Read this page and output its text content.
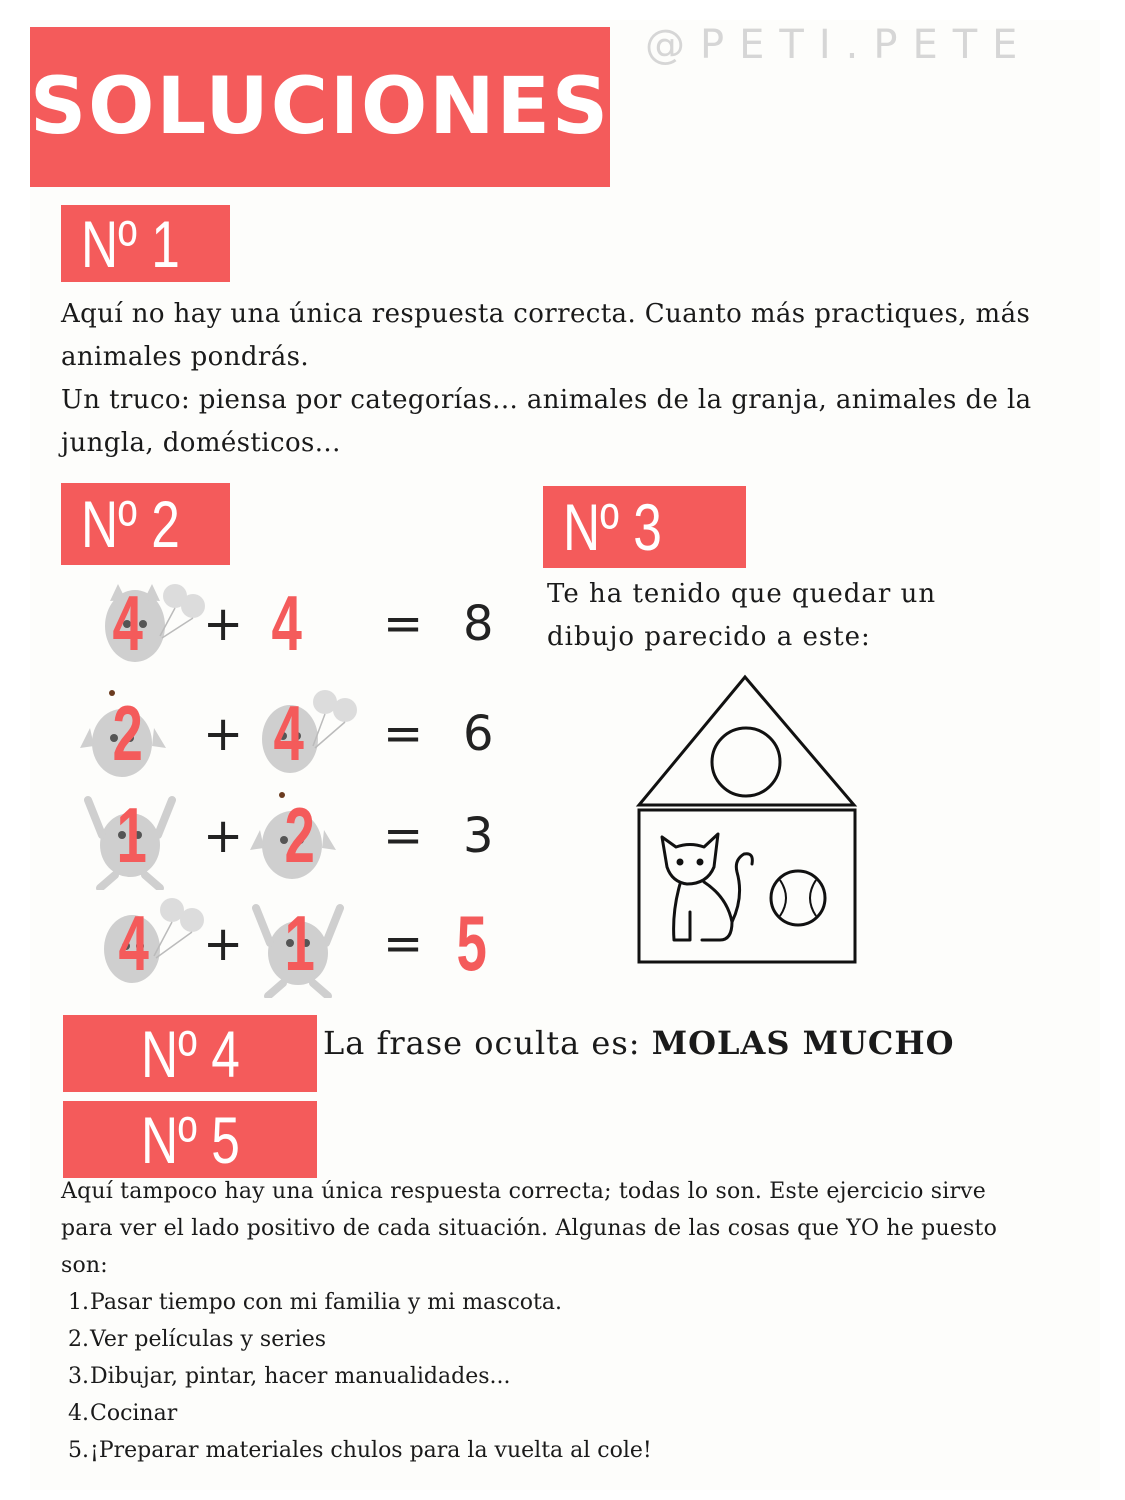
SOLUCIONES
@PETI.PETE
Nº 1
Aquí no hay una única respuesta correcta. Cuanto más practiques, más
animales pondrás.
Un truco: piensa por categorías... animales de la granja, animales de la
jungla, domésticos...
Nº 2
4 + 4 = 8
2 + 4 = 6
1 + 2 = 3
4 + 1 = 5
Nº 3
Te ha tenido que quedar un
dibujo parecido a este:
Nº 4	La frase oculta es: MOLAS MUCHO
Nº 5
Aquí tampoco hay una única respuesta correcta; todas lo son. Este ejercicio sirve
para ver el lado positivo de cada situación. Algunas de las cosas que YO he puesto
son:
1.Pasar tiempo con mi familia y mi mascota.
2.Ver películas y series
3.Dibujar, pintar, hacer manualidades...
4.Cocinar
5.¡Preparar materiales chulos para la vuelta al cole!
